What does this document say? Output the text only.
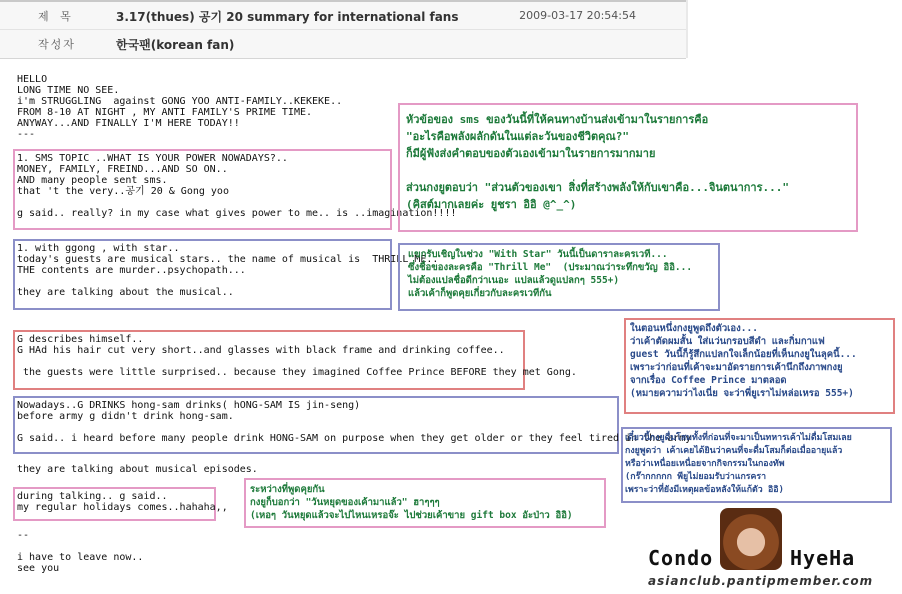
제 목	3.17(thues) 공기 20 summary for international fans	2009-03-17 20:54:54
작성자	한국팬(korean fan)
HELLO
LONG TIME NO SEE.
i'm STRUGGLING  against GONG YOO ANTI-FAMILY..KEKEKE..
FROM 8-10 AT NIGHT , MY ANTI FAMILY'S PRIME TIME.
ANYWAY...AND FINALLY I'M HERE TODAY!!
---
1. SMS TOPIC ..WHAT IS YOUR POWER NOWADAYS?..
MONEY, FAMILY, FREIND...AND SO ON..
AND many people sent sms.
that 't the very..공기 20 & Gong yoo

g said.. really? in my case what gives power to me.. is ..imagination!!!!
1. with ggong , with star..
today's guests are musical stars.. the name of musical is  THRILL ME..
THE contents are murder..psychopath...

they are talking about the musical..
G describes himself..
G HAd his hair cut very short..and glasses with black frame and drinking coffee..

the guests were little surprised.. because they imagined Coffee Prince BEFORE they met Gong.
Nowadays..G DRINKS hong-sam drinks( hONG-SAM IS jin-seng)
before army g didn't drink hong-sam.

G said.. i heard before many people drink HONG-SAM on purpose when they get older or they feel tired in the army
they are talking about musical episodes.
during talking.. g said..
my regular holidays comes..hahaha,,
--

i have to leave now..
see you
หัวข้อของ sms ของวันนี้ที่ให้คนทางบ้านส่งเข้ามาในรายการคือ
"อะไรคือพลังผลักดันในแต่ละวันของชีวิตคุณ?"
ก็มีผู้ฟังส่งคำตอบของตัวเองเข้ามาในรายการมากมาย

ส่วนกงยูตอบว่า "ส่วนตัวของเขา สิ่งที่สร้างพลังให้กับเขาคือ...จินตนาการ..."
(คิสต์มากเลยค่ะ ยูชรา อิอิ @^_^)
แขกรับเชิญในช่วง "With Star" วันนี้เป็นดาราละครเวที...
ซึ่งชื่อของละครคือ "Thrill Me"  (ประมาณว่าระทึกขวัญ อิอิ...
ไม่ต้องแปลชื่อดีกว่าเนอะ แปลแล้วดูแปลกๆ 555+)
แล้วเค้าก็พูดคุยเกี่ยวกับละครเวทีกัน
ในตอนหนึ่งกงยูพูดถึงตัวเอง...
ว่าเค้าตัดผมสั้น ใส่แว่นกรอบสีดำ และกิ่มกาแฟ
guest วันนี้ก็รู้สึกแปลกใจเล็กน้อยที่เห็นกงยูในลุคนี้...
เพราะว่าก่อนที่เค้าจะมาอัดรายการเค้านึกถึงภาพกงยู
จากเรื่อง Coffee Prince มาตลอด
(หมายความว่าไงเนี่ย จะว่าพี่ยูเราไม่หล่อเหรอ 555+)
เดี๋ยวนี้กงยูดื่มโสมทั้งที่ก่อนที่จะมาเป็นทหารเค้าไม่ดื่มโสมเลย
กงยูพูดว่า เค้าเคยได้ยินว่าคนที่จะดื่มโสมก็ต่อเมื่ออายุแล้ว
หรือว่าเหนื่อยเหนื่อยจากกิจกรรมในกองทัพ
(กร๊ากกกกก พียูไม่ยอมรับว่าแกรครา
เพราะว่าที่ยังมีเหตุผลข้อหลังให้แก้ตัว อิอิ)
ระหว่างที่พูดคุยกัน
กงยูก็บอกว่า "วันหยุดของเค้ามาแล้ว" ฮาๆๆๆ
(เหอๆ วันหยุดแล้วจะไปไหนเหรอจ๊ะ ไปช่วยเค้าขาย gift box อัะป่าว อิอิ)
Condo	HyeHa
asianclub.pantipmember.com
